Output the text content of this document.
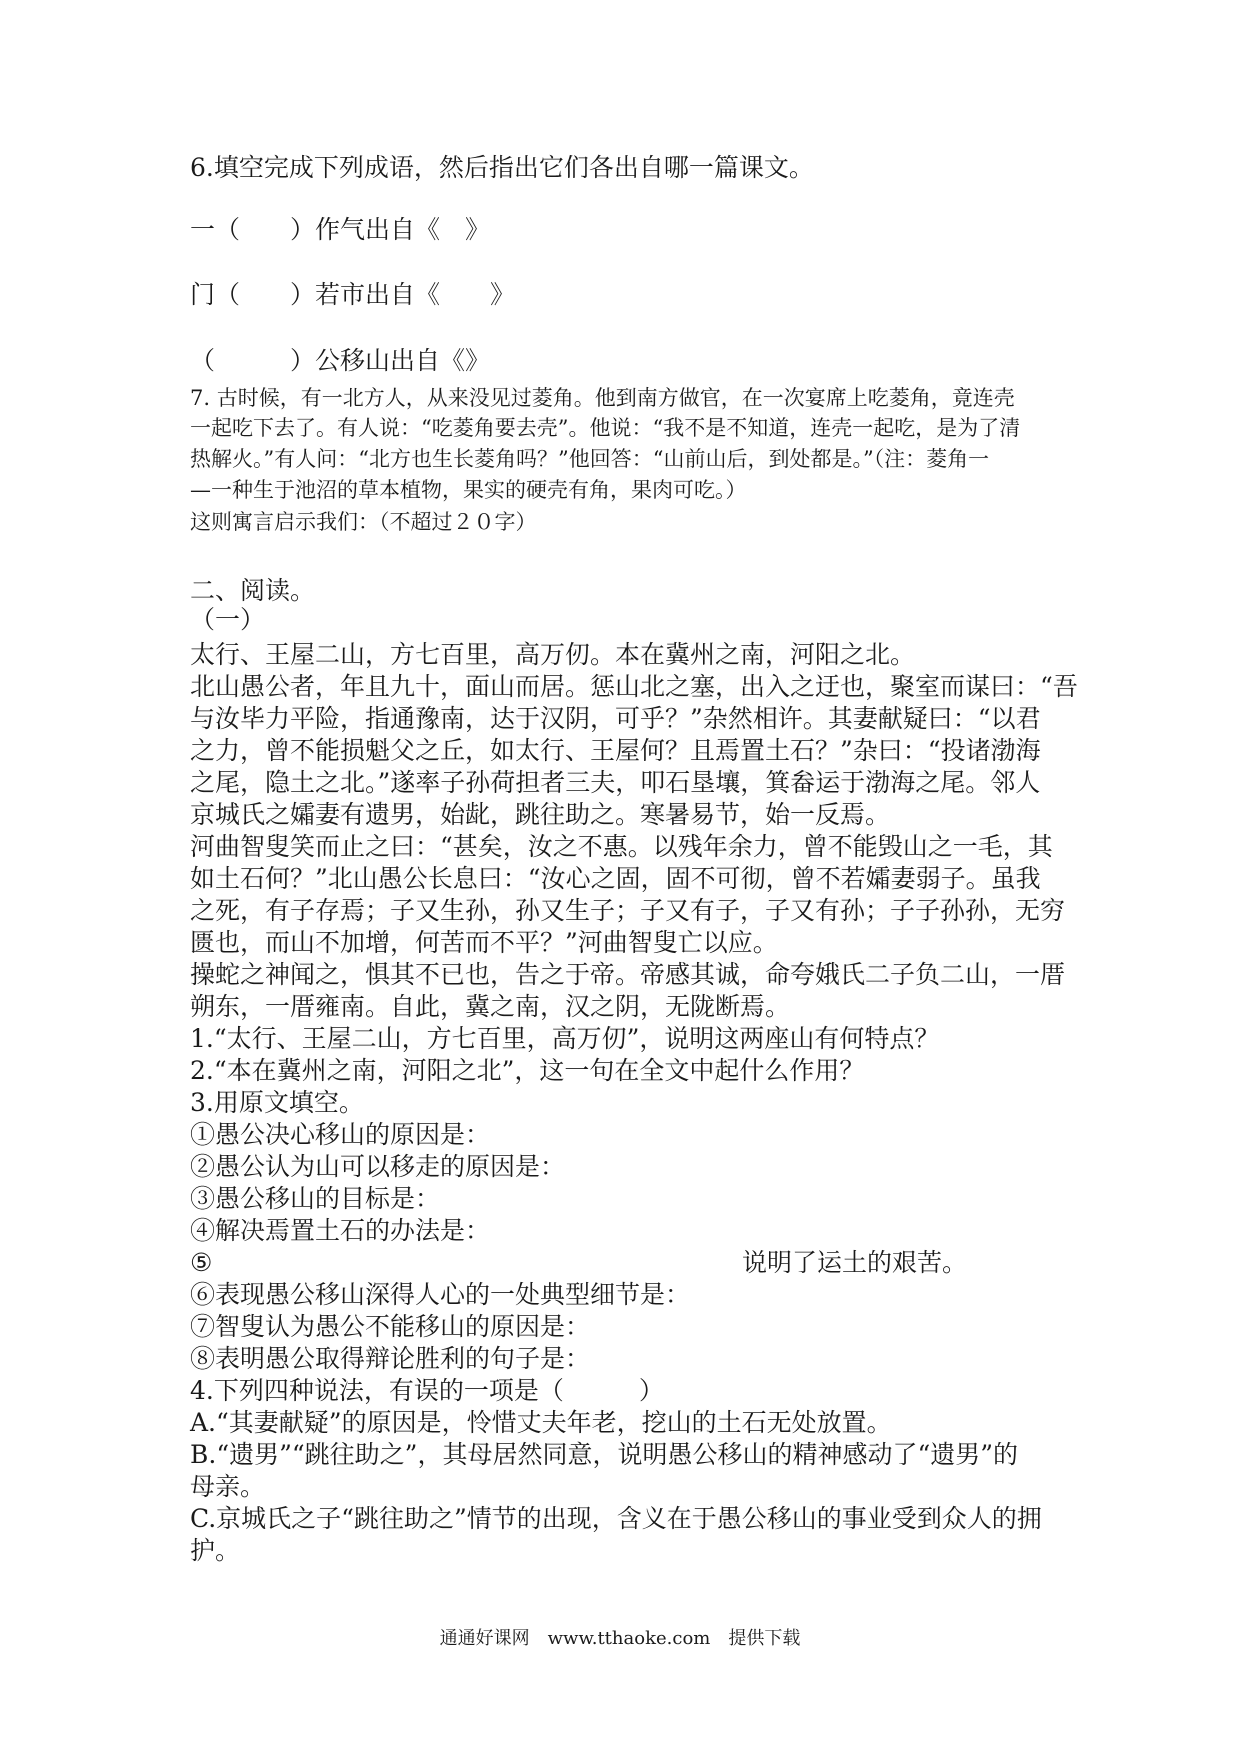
6.填空完成下列成语，然后指出它们各出自哪一篇课文。
一（　　）作气出自《　》
门（　　）若市出自《　　》
（　　　）公移山出自《》
7. 古时候，有一北方人，从来没见过菱角。他到南方做官，在一次宴席上吃菱角，竟连壳
一起吃下去了。有人说：“吃菱角要去壳”。他说：“我不是不知道，连壳一起吃，是为了清
热解火。”有人问：“北方也生长菱角吗？”他回答：“山前山后，到处都是。”（注：菱角一
—一种生于池沼的草本植物，果实的硬壳有角，果肉可吃。）
这则寓言启示我们：（不超过２０字）
二、阅读。
（一）
太行、王屋二山，方七百里，高万仞。本在冀州之南，河阳之北。
北山愚公者，年且九十，面山而居。惩山北之塞，出入之迂也，聚室而谋曰：“吾
与汝毕力平险，指通豫南，达于汉阴，可乎？”杂然相许。其妻献疑曰：“以君
之力，曾不能损魁父之丘，如太行、王屋何？且焉置土石？”杂曰：“投诸渤海
之尾，隐土之北。”遂率子孙荷担者三夫，叩石垦壤，箕畚运于渤海之尾。邻人
京城氏之孀妻有遗男，始龀，跳往助之。寒暑易节，始一反焉。
河曲智叟笑而止之曰：“甚矣，汝之不惠。以残年余力，曾不能毁山之一毛，其
如土石何？”北山愚公长息曰：“汝心之固，固不可彻，曾不若孀妻弱子。虽我
之死，有子存焉；子又生孙，孙又生子；子又有子，子又有孙；子子孙孙，无穷
匮也，而山不加增，何苦而不平？”河曲智叟亡以应。
操蛇之神闻之，惧其不已也，告之于帝。帝感其诚，命夸娥氏二子负二山，一厝
朔东，一厝雍南。自此，冀之南，汉之阴，无陇断焉。
1.“太行、王屋二山，方七百里，高万仞”，说明这两座山有何特点？
2.“本在冀州之南，河阳之北”，这一句在全文中起什么作用？
3.用原文填空。
①愚公决心移山的原因是：
②愚公认为山可以移走的原因是：
③愚公移山的目标是：
④解决焉置土石的办法是：
⑤	说明了运土的艰苦。
⑥表现愚公移山深得人心的一处典型细节是：
⑦智叟认为愚公不能移山的原因是：
⑧表明愚公取得辩论胜利的句子是：
4.下列四种说法，有误的一项是（　　　）
A.“其妻献疑”的原因是，怜惜丈夫年老，挖山的土石无处放置。
B.“遗男”“跳往助之”，其母居然同意，说明愚公移山的精神感动了“遗男”的
母亲。
C.京城氏之子“跳往助之”情节的出现，含义在于愚公移山的事业受到众人的拥
护。
通通好课网　www.tthaoke.com　提供下载
